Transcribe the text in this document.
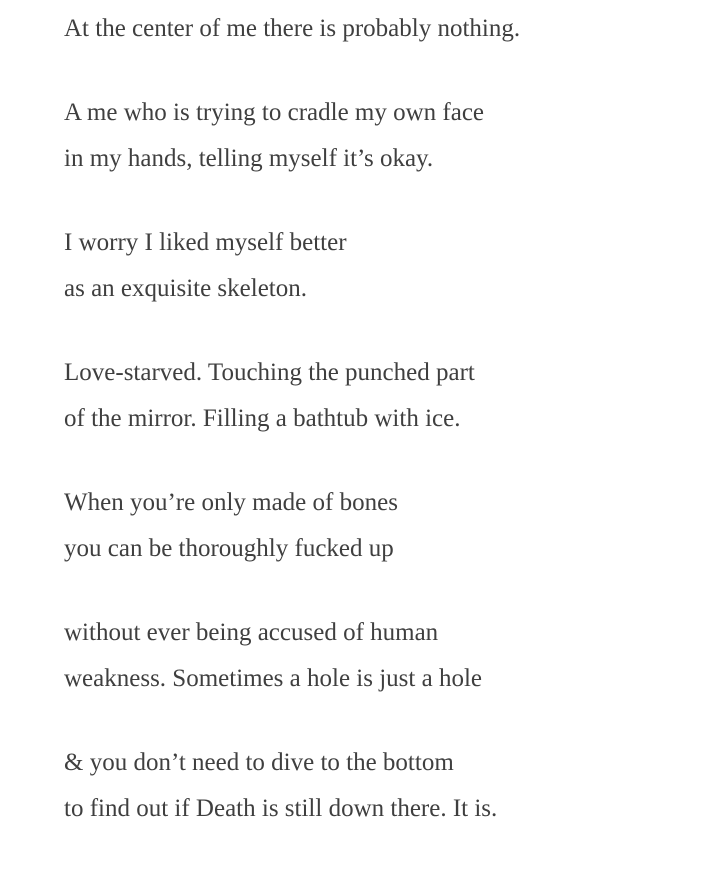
At the center of me there is probably nothing.
A me who is trying to cradle my own face
in my hands, telling myself it’s okay.
I worry I liked myself better
as an exquisite skeleton.
Love-starved. Touching the punched part
of the mirror. Filling a bathtub with ice.
When you’re only made of bones
you can be thoroughly fucked up
without ever being accused of human
weakness. Sometimes a hole is just a hole
& you don’t need to dive to the bottom
to find out if Death is still down there. It is.
